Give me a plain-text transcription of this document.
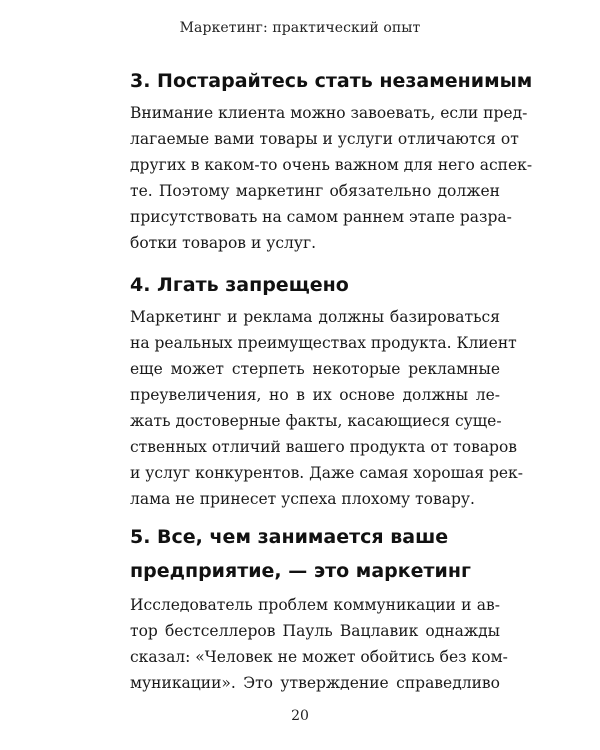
Маркетинг: практический опыт
3. Постарайтесь стать незаменимым
Внимание клиента можно завоевать, если пред-
лагаемые вами товары и услуги отличаются от
других в каком-то очень важном для него аспек-
те. Поэтому маркетинг обязательно должен
присутствовать на самом раннем этапе разра-
ботки товаров и услуг.
4. Лгать запрещено
Маркетинг и реклама должны базироваться
на реальных преимуществах продукта. Клиент
еще может стерпеть некоторые рекламные
преувеличения, но в их основе должны ле-
жать достоверные факты, касающиеся суще-
ственных отличий вашего продукта от товаров
и услуг конкурентов. Даже самая хорошая рек-
лама не принесет успеха плохому товару.
5. Все, чем занимается ваше
предприятие, — это маркетинг
Исследователь проблем коммуникации и ав-
тор бестселлеров Пауль Вацлавик однажды
сказал: «Человек не может обойтись без ком-
муникации». Это утверждение справедливо
20
